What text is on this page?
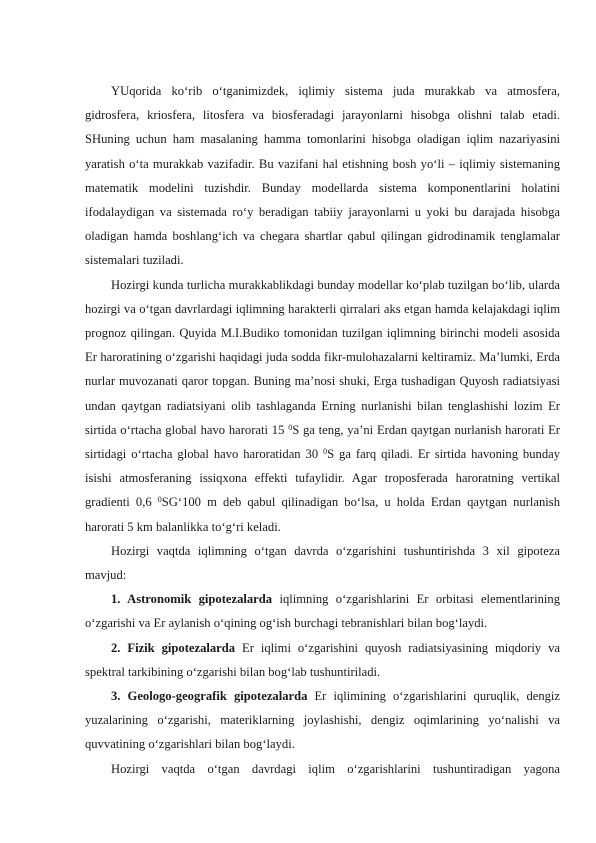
YUqorida ko‘rib o‘tganimizdek, iqlimiy sistema juda murakkab va atmosfera, gidrosfera, kriosfera, litosfera va biosferadagi jarayonlarni hisobga olishni talab etadi. SHuning uchun ham masalaning hamma tomonlarini hisobga oladigan iqlim nazariyasini yaratish o‘ta murakkab vazifadir. Bu vazifani hal etishning bosh yo‘li – iqlimiy sistemaning matematik modelini tuzishdir. Bunday modellarda sistema komponentlarini holatini ifodalaydigan va sistemada ro‘y beradigan tabiiy jarayonlarni u yoki bu darajada hisobga oladigan hamda boshlang‘ich va chegara shartlar qabul qilingan gidrodinamik tenglamalar sistemalari tuziladi.

Hozirgi kunda turlicha murakkablikdagi bunday modellar ko‘plab tuzilgan bo‘lib, ularda hozirgi va o‘tgan davrlardagi iqlimning harakterli qirralari aks etgan hamda kelajakdagi iqlim prognoz qilingan. Quyida M.I.Budiko tomonidan tuzilgan iqlimning birinchi modeli asosida Er haroratining o‘zgarishi haqidagi juda sodda fikr-mulohazalarni keltiramiz. Ma’lumki, Erda nurlar muvozanati qaror topgan. Buning ma’nosi shuki, Erga tushadigan Quyosh radiatsiyasi undan qaytgan radiatsiyani olib tashlaganda Erning nurlanishi bilan tenglashishi lozim Er sirtida o‘rtacha global havo harorati 15 $^0$S ga teng, ya’ni Erdan qaytgan nurlanish harorati Er sirtidagi o‘rtacha global havo haroratidan 30 $^0$S ga farq qiladi. Er sirtida havoning bunday isishi atmosferaning issiqxona effekti tufaylidir. Agar troposferada haroratning vertikal gradienti 0,6 $^0$SG‘100 m deb qabul qilinadigan bo‘lsa, u holda Erdan qaytgan nurlanish harorati 5 km balanlikka to‘g‘ri keladi.

Hozirgi vaqtda iqlimning o‘tgan davrda o‘zgarishini tushuntirishda 3 xil gipoteza mavjud:

1. Astronomik gipotezalarda iqlimning o‘zgarishlarini Er orbitasi elementlarining o‘zgarishi va Er aylanish o‘qining og‘ish burchagi tebranishlari bilan bog‘laydi.

2. Fizik gipotezalarda Er iqlimi o‘zgarishini quyosh radiatsiyasining miqdoriy va spektral tarkibining o‘zgarishi bilan bog‘lab tushuntiriladi.

3. Geologo-geografik gipotezalarda Er iqlimining o‘zgarishlarini quruqlik, dengiz yuzalarining o‘zgarishi, materiklarning joylashishi, dengiz oqimlarining yo‘nalishi va quvvatining o‘zgarishlari bilan bog‘laydi.

Hozirgi vaqtda o‘tgan davrdagi iqlim o‘zgarishlarini tushuntiradigan yagona
